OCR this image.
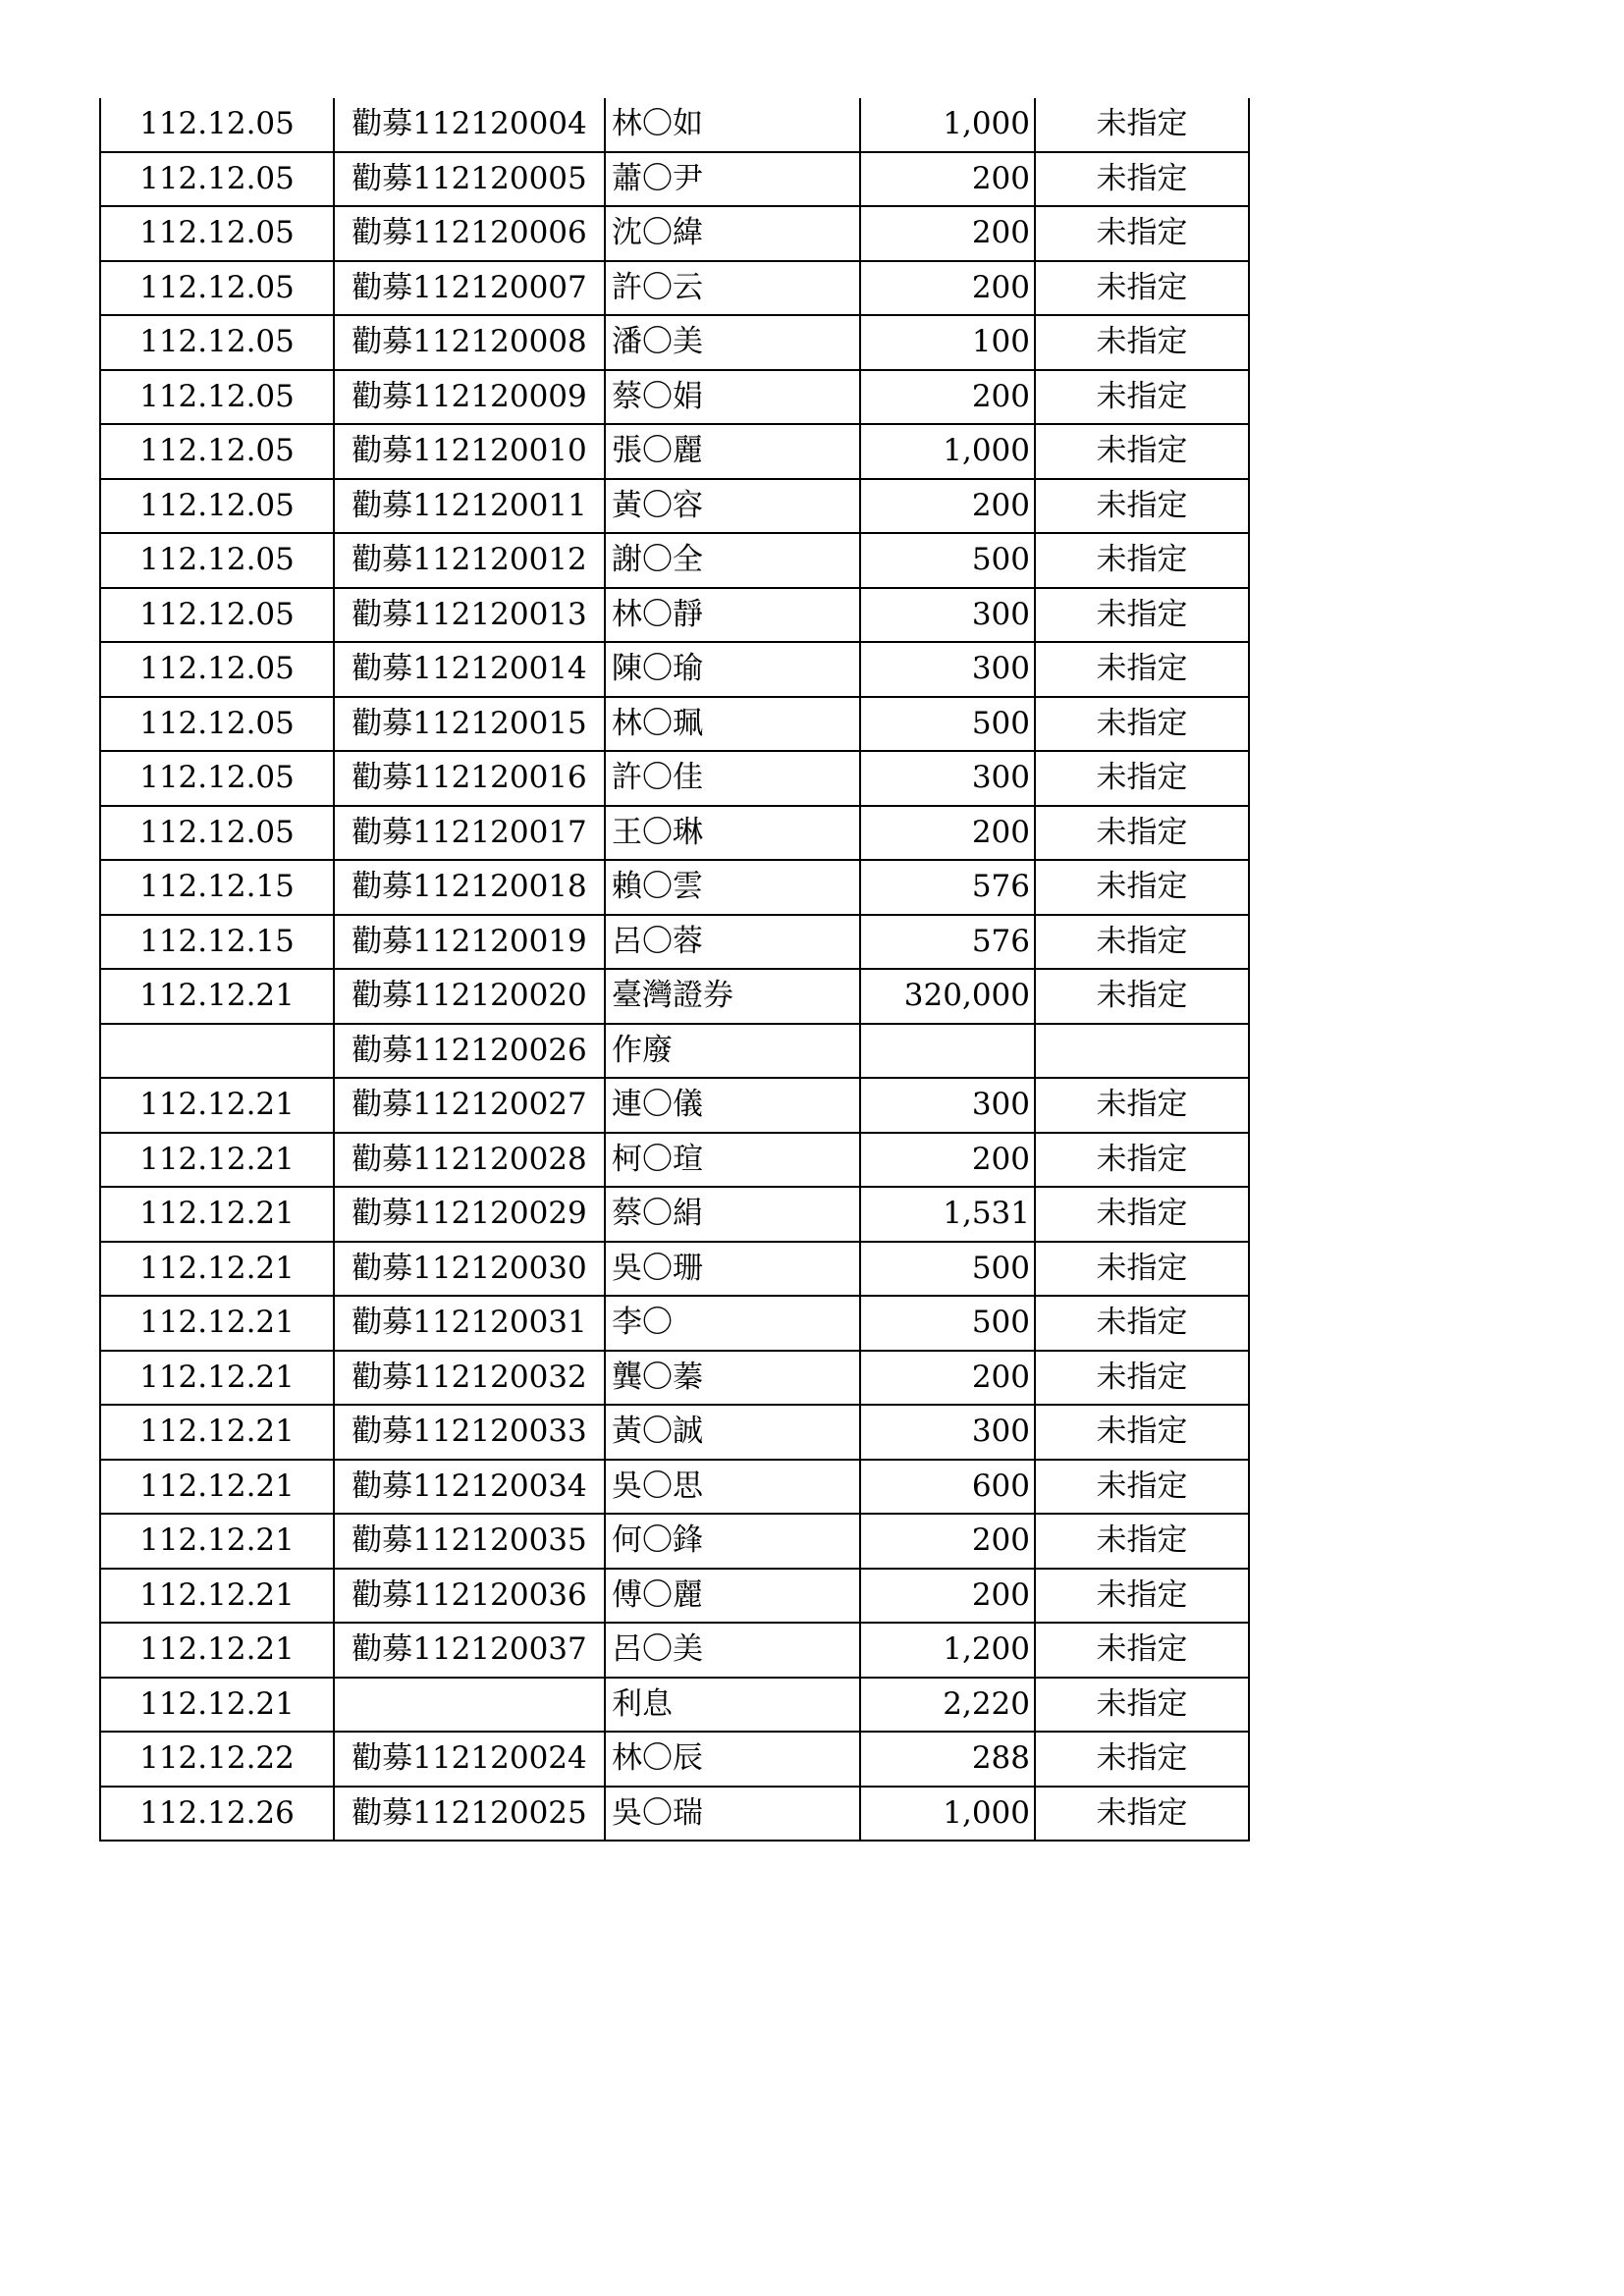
112.12.05	勸募112120004	林〇如	1,000	未指定
112.12.05	勸募112120005	蕭〇尹	200	未指定
112.12.05	勸募112120006	沈〇緯	200	未指定
112.12.05	勸募112120007	許〇云	200	未指定
112.12.05	勸募112120008	潘〇美	100	未指定
112.12.05	勸募112120009	蔡〇娟	200	未指定
112.12.05	勸募112120010	張〇麗	1,000	未指定
112.12.05	勸募112120011	黃〇容	200	未指定
112.12.05	勸募112120012	謝〇全	500	未指定
112.12.05	勸募112120013	林〇靜	300	未指定
112.12.05	勸募112120014	陳〇瑜	300	未指定
112.12.05	勸募112120015	林〇珮	500	未指定
112.12.05	勸募112120016	許〇佳	300	未指定
112.12.05	勸募112120017	王〇琳	200	未指定
112.12.15	勸募112120018	賴〇雲	576	未指定
112.12.15	勸募112120019	呂〇蓉	576	未指定
112.12.21	勸募112120020	臺灣證券	320,000	未指定
	勸募112120026	作廢		
112.12.21	勸募112120027	連〇儀	300	未指定
112.12.21	勸募112120028	柯〇瑄	200	未指定
112.12.21	勸募112120029	蔡〇絹	1,531	未指定
112.12.21	勸募112120030	吳〇珊	500	未指定
112.12.21	勸募112120031	李〇	500	未指定
112.12.21	勸募112120032	龔〇蓁	200	未指定
112.12.21	勸募112120033	黃〇誠	300	未指定
112.12.21	勸募112120034	吳〇思	600	未指定
112.12.21	勸募112120035	何〇鋒	200	未指定
112.12.21	勸募112120036	傅〇麗	200	未指定
112.12.21	勸募112120037	呂〇美	1,200	未指定
112.12.21		利息	2,220	未指定
112.12.22	勸募112120024	林〇辰	288	未指定
112.12.26	勸募112120025	吳〇瑞	1,000	未指定
